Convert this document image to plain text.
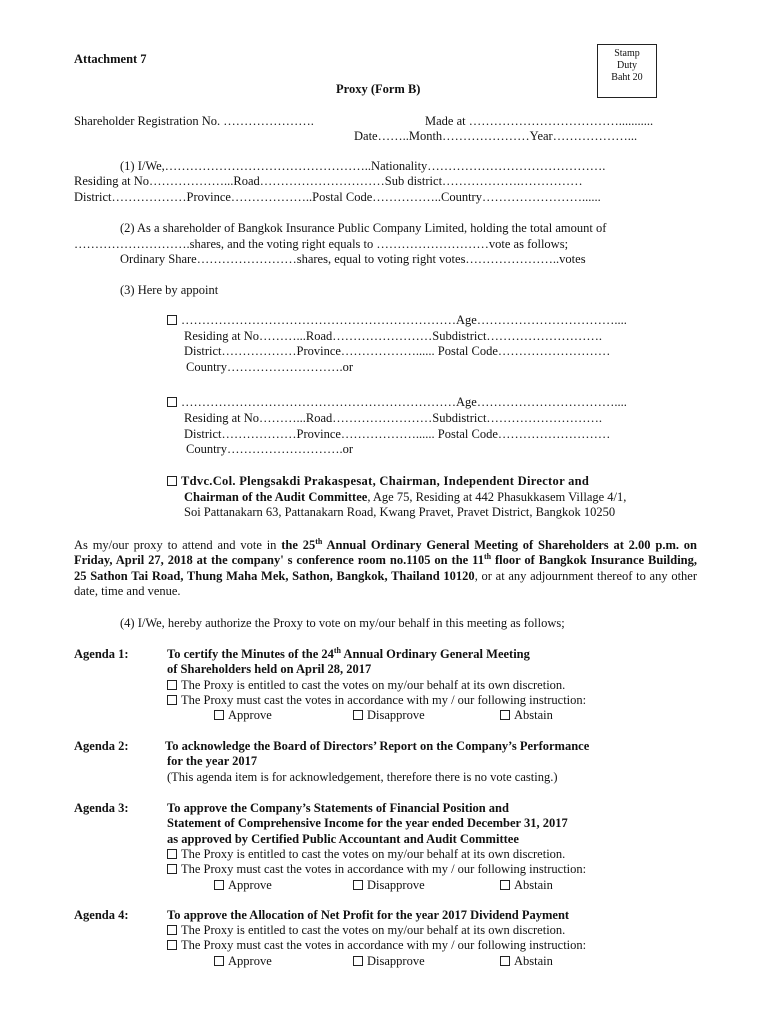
Attachment 7	Stamp
Duty
Baht 20
Proxy (Form B)
Shareholder Registration No. ………………….	Made at ………………………………...........
Date……..Month…………………Year………………...
(1) I/We,…………………………………………..Nationality…………………………………….
Residing at No………………...Road…………………………Sub district……………….……………
District………………Province………………..Postal Code……………..Country……………………......
(2) As a shareholder of Bangkok Insurance Public Company Limited, holding the total amount of
……………………….shares, and the voting right equals to ………………………vote as follows;
Ordinary Share……………………shares, equal to voting right votes…………………..votes
(3) Here by appoint
…………………………………………………………Age……………………………....
Residing at No………...Road……………………Subdistrict……………………….
District………………Province………………...... Postal Code………………………
Country……………………….or
…………………………………………………………Age……………………………....
Residing at No………...Road……………………Subdistrict……………………….
District………………Province………………...... Postal Code………………………
Country……………………….or
Tdvc.Col. Plengsakdi Prakaspesat, Chairman, Independent Director and
Chairman of the Audit Committee, Age 75, Residing at 442 Phasukkasem Village 4/1,
Soi Pattanakarn 63, Pattanakarn Road, Kwang Pravet, Pravet District, Bangkok 10250
As my/our proxy to attend and vote in the 25th Annual Ordinary General Meeting of Shareholders at 2.00 p.m. on Friday, April 27, 2018 at the company' s conference room no.1105 on the 11th floor of Bangkok Insurance Building, 25 Sathon Tai Road, Thung Maha Mek, Sathon, Bangkok, Thailand 10120, or at any adjournment thereof to any other date, time and venue.
(4) I/We, hereby authorize the Proxy to vote on my/our behalf in this meeting as follows;
Agenda 1:	To certify the Minutes of the 24th Annual Ordinary General Meeting
of Shareholders held on April 28, 2017
The Proxy is entitled to cast the votes on my/our behalf at its own discretion.
The Proxy must cast the votes in accordance with my / our following instruction:
Approve	Disapprove	Abstain
Agenda 2:	To acknowledge the Board of Directors’ Report on the Company’s Performance
for the year 2017
(This agenda item is for acknowledgement, therefore there is no vote casting.)
Agenda 3:	To approve the Company’s Statements of Financial Position and
Statement of Comprehensive Income for the year ended December 31, 2017
as approved by Certified Public Accountant and Audit Committee
The Proxy is entitled to cast the votes on my/our behalf at its own discretion.
The Proxy must cast the votes in accordance with my / our following instruction:
Approve	Disapprove	Abstain
Agenda 4:	To approve the Allocation of Net Profit for the year 2017 Dividend Payment
The Proxy is entitled to cast the votes on my/our behalf at its own discretion.
The Proxy must cast the votes in accordance with my / our following instruction:
Approve	Disapprove	Abstain
